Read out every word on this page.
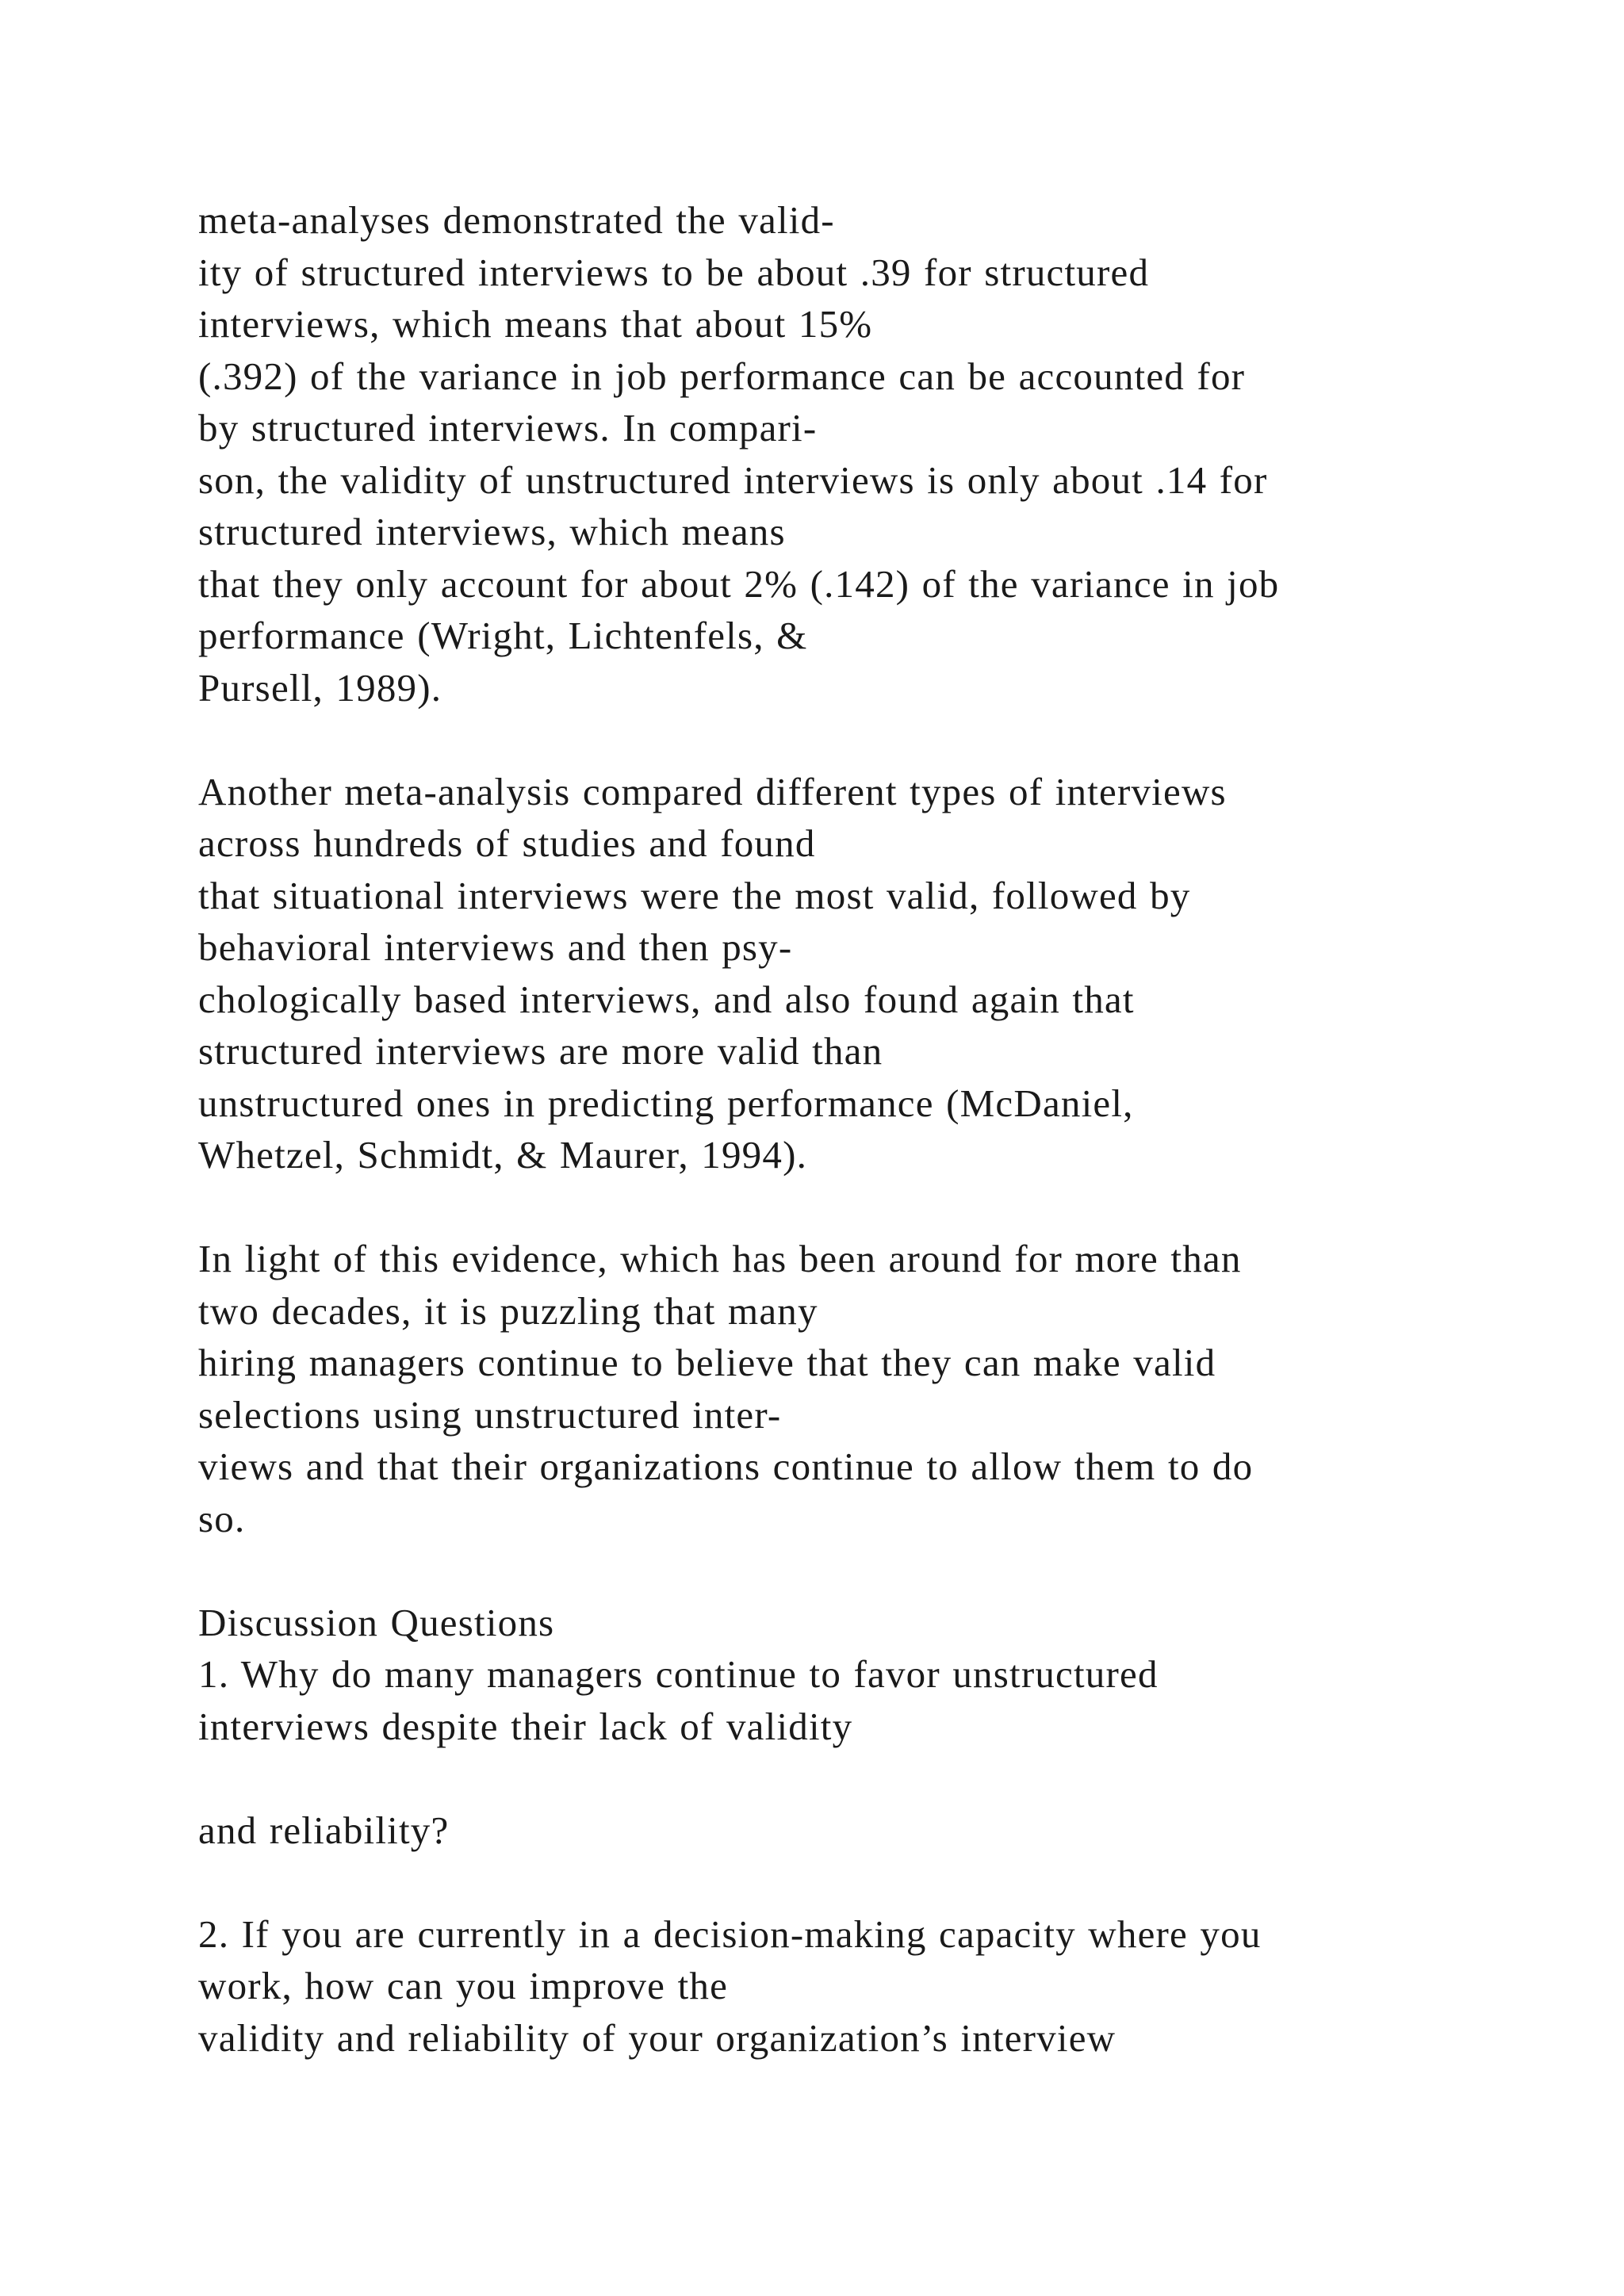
meta-analyses demonstrated the valid-
ity of structured interviews to be about .39 for structured
interviews, which means that about 15%
(.392) of the variance in job performance can be accounted for
by structured interviews. In compari-
son, the validity of unstructured interviews is only about .14 for
structured interviews, which means
that they only account for about 2% (.142) of the variance in job
performance (Wright, Lichtenfels, &
Pursell, 1989).
Another meta-analysis compared different types of interviews
across hundreds of studies and found
that situational interviews were the most valid, followed by
behavioral interviews and then psy-
chologically based interviews, and also found again that
structured interviews are more valid than
unstructured ones in predicting performance (McDaniel,
Whetzel, Schmidt, & Maurer, 1994).
In light of this evidence, which has been around for more than
two decades, it is puzzling that many
hiring managers continue to believe that they can make valid
selections using unstructured inter-
views and that their organizations continue to allow them to do
so.
Discussion Questions
1. Why do many managers continue to favor unstructured
interviews despite their lack of validity
and reliability?
2. If you are currently in a decision-making capacity where you
work, how can you improve the
validity and reliability of your organization’s interview
